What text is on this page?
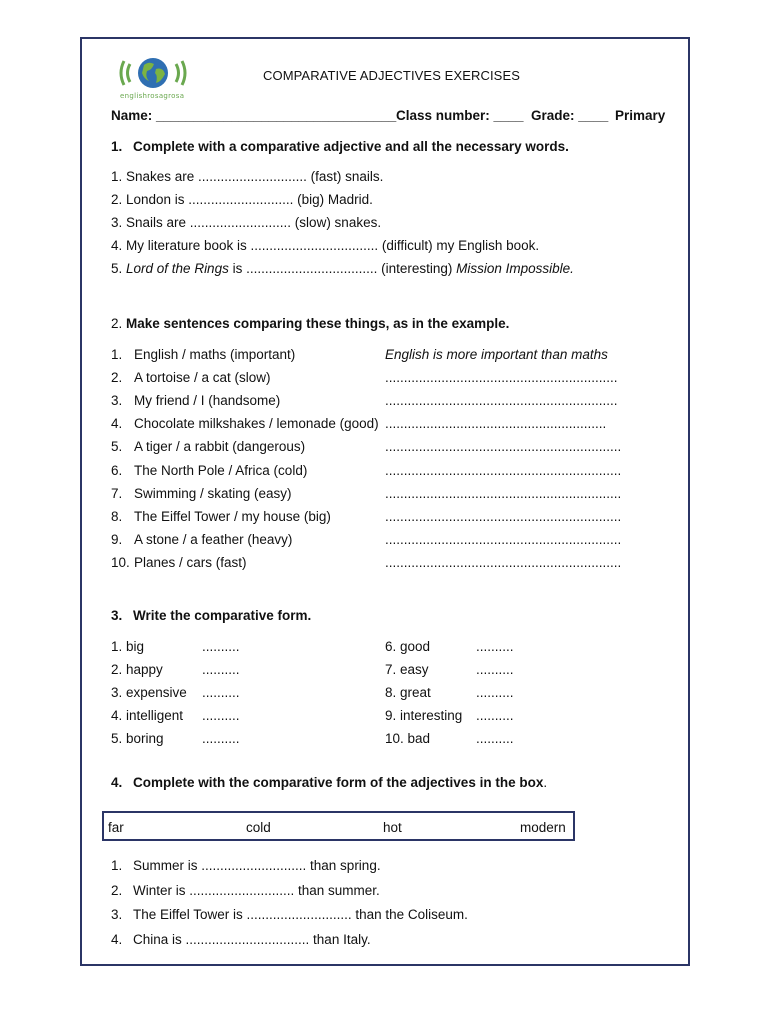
englishrosagrosa
COMPARATIVE ADJECTIVES EXERCISES
Name: ________________________________ Class number: ____ Grade: ____ Primary
1. Complete with a comparative adjective and all the necessary words.
1. Snakes are ............................. (fast) snails.
2. London is ............................ (big) Madrid.
3. Snails are ........................... (slow) snakes.
4. My literature book is .................................. (difficult) my English book.
5. Lord of the Rings is ................................... (interesting) Mission Impossible.
2. Make sentences comparing these things, as in the example.
1. English / maths (important)	English is more important than maths
2. A tortoise / a cat (slow)	..............................................................
3. My friend / I (handsome)	..............................................................
4. Chocolate milkshakes / lemonade (good) ...........................................................
5. A tiger / a rabbit (dangerous)	...............................................................
6. The North Pole / Africa (cold)	...............................................................
7. Swimming / skating (easy)	...............................................................
8. The Eiffel Tower / my house (big)	...............................................................
9. A stone / a feather (heavy)	...............................................................
10. Planes / cars (fast)	...............................................................
3. Write the comparative form.
1. big	..........
2. happy	..........
3. expensive ..........
4. intelligent ..........
5. boring	..........
6. good	..........
7. easy	..........
8. great	..........
9. interesting ..........
10. bad	..........
4. Complete with the comparative form of the adjectives in the box.
far	cold	hot	modern
1. Summer is ............................ than spring.
2. Winter is ............................ than summer.
3. The Eiffel Tower is ............................ than the Coliseum.
4. China is ................................. than Italy.
